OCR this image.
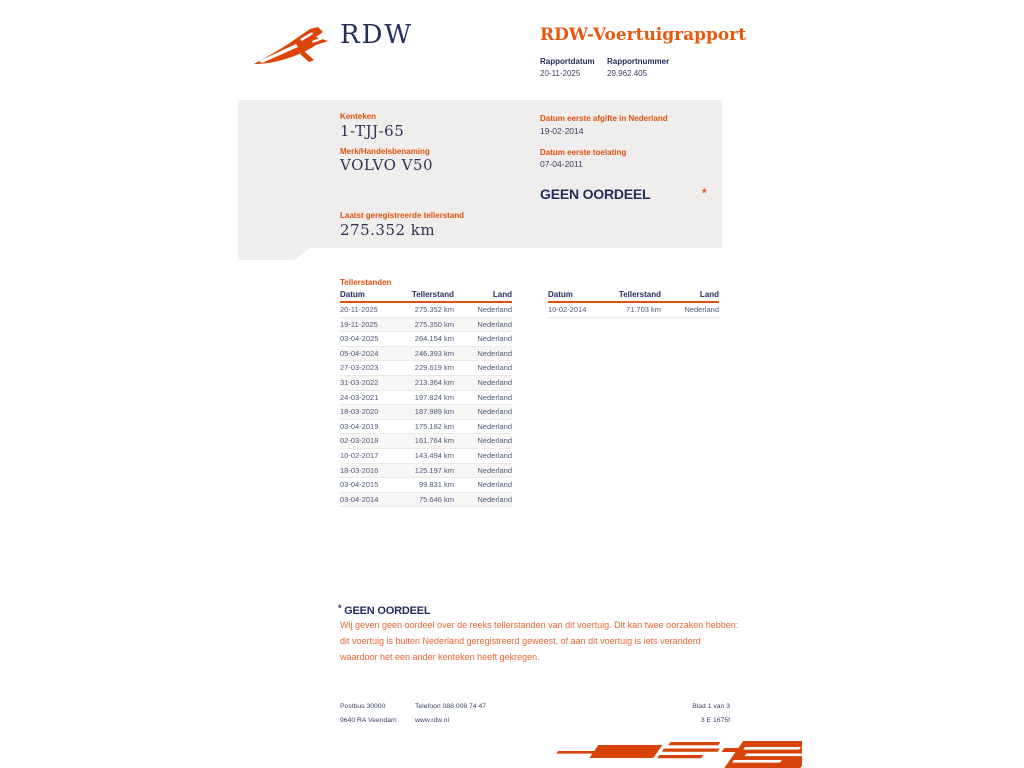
RDW	RDW-Voertuigrapport
Rapportdatum Rapportnummer
20-11-2025	29.962.405
Kenteken
1-TJJ-65
Merk/Handelsbenaming
VOLVO V50
Laatst geregistreerde tellerstand
275.352 km
Datum eerste afgifte in Nederland
19-02-2014
Datum eerste toelating
07-04-2011
GEEN OORDEEL	*
Tellerstanden
Datum	Tellerstand	Land
20-11-2025	275.352 km	Nederland
19-11-2025	275.350 km	Nederland
03-04-2025	264.154 km	Nederland
05-04-2024	246.393 km	Nederland
27-03-2023	229.619 km	Nederland
31-03-2022	213.364 km	Nederland
24-03-2021	197.824 km	Nederland
18-03-2020	187.989 km	Nederland
03-04-2019	175.182 km	Nederland
02-03-2018	161.764 km	Nederland
10-02-2017	143.494 km	Nederland
18-03-2016	125.197 km	Nederland
03-04-2015	99.831 km	Nederland
03-04-2014	75.646 km	Nederland
Datum	Tellerstand	Land
10-02-2014	71.703 km	Nederland
* GEEN OORDEEL
Wij geven geen oordeel over de reeks tellerstanden van dit voertuig. Dit kan twee oorzaken hebben: dit voertuig is buiten Nederland geregistreerd geweest, of aan dit voertuig is iets veranderd waardoor het een ander kenteken heeft gekregen.
Postbus 30000
9640 RA Veendam
Telefoon 088 008 74 47
www.rdw.nl
Blad 1 van 3
3 E 1675f
